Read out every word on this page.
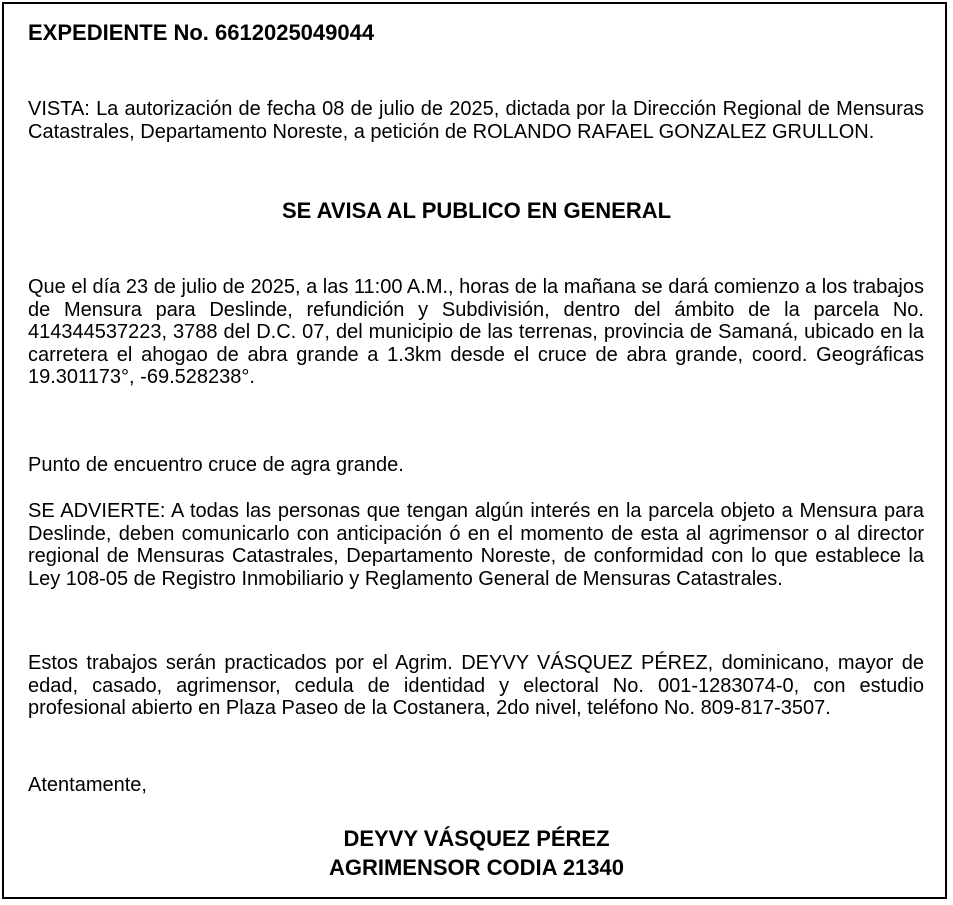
EXPEDIENTE No. 6612025049044

VISTA: La autorización de fecha 08 de julio de 2025, dictada por la Dirección Regional de Mensuras Catastrales, Departamento Noreste, a petición de ROLANDO RAFAEL GONZALEZ GRULLON.

SE AVISA AL PUBLICO EN GENERAL

Que el día 23 de julio de 2025, a las 11:00 A.M., horas de la mañana se dará comienzo a los trabajos de Mensura para Deslinde, refundición y Subdivisión, dentro del ámbito de la parcela No. 414344537223, 3788 del D.C. 07, del municipio de las terrenas, provincia de Samaná, ubicado en la carretera el ahogao de abra grande a 1.3km desde el cruce de abra grande, coord. Geográficas 19.301173°, -69.528238°.

Punto de encuentro cruce de agra grande.

SE ADVIERTE: A todas las personas que tengan algún interés en la parcela objeto a Mensura para Deslinde, deben comunicarlo con anticipación ó en el momento de esta al agrimensor o al director regional de Mensuras Catastrales, Departamento Noreste, de conformidad con lo que establece la Ley 108-05 de Registro Inmobiliario y Reglamento General de Mensuras Catastrales.

Estos trabajos serán practicados por el Agrim. DEYVY VÁSQUEZ PÉREZ, dominicano, mayor de edad, casado, agrimensor, cedula de identidad y electoral No. 001-1283074-0, con estudio profesional abierto en Plaza Paseo de la Costanera, 2do nivel, teléfono No. 809-817-3507.

Atentamente,

DEYVY VÁSQUEZ PÉREZ
AGRIMENSOR CODIA 21340
